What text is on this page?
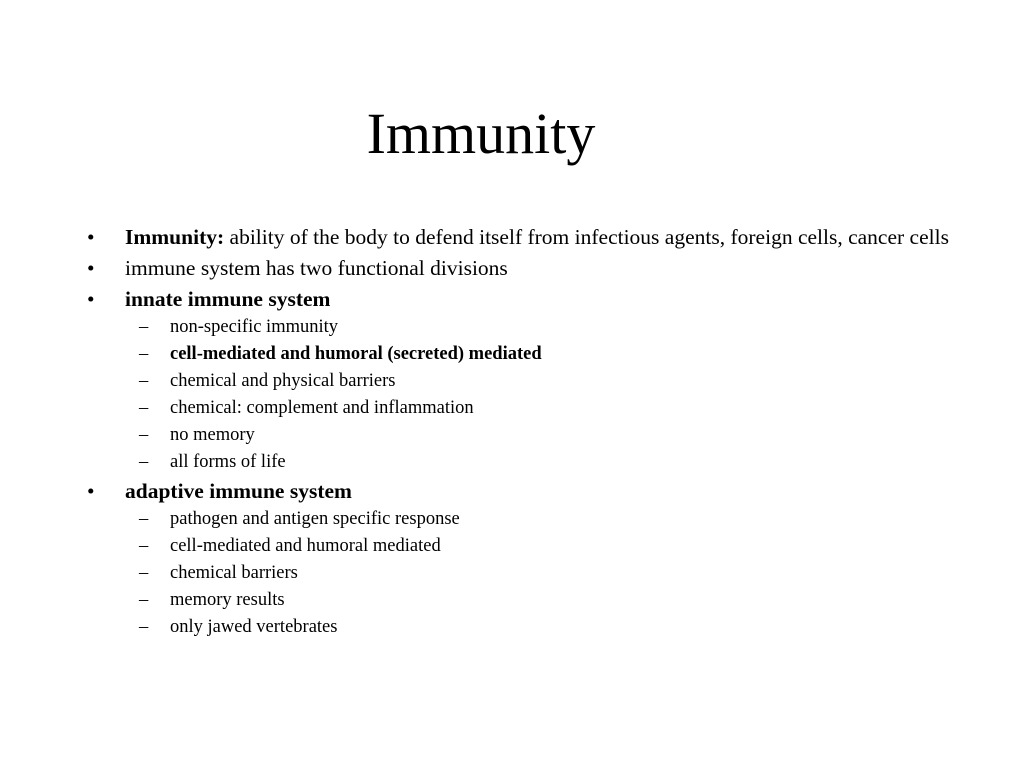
Immunity
• Immunity: ability of the body to defend itself from infectious agents, foreign cells, cancer cells
• immune system has two functional divisions
• innate immune system
– non-specific immunity
– cell-mediated and humoral (secreted) mediated
– chemical and physical barriers
– chemical: complement and inflammation
– no memory
– all forms of life
• adaptive immune system
– pathogen and antigen specific response
– cell-mediated and humoral mediated
– chemical barriers
– memory results
– only jawed vertebrates
